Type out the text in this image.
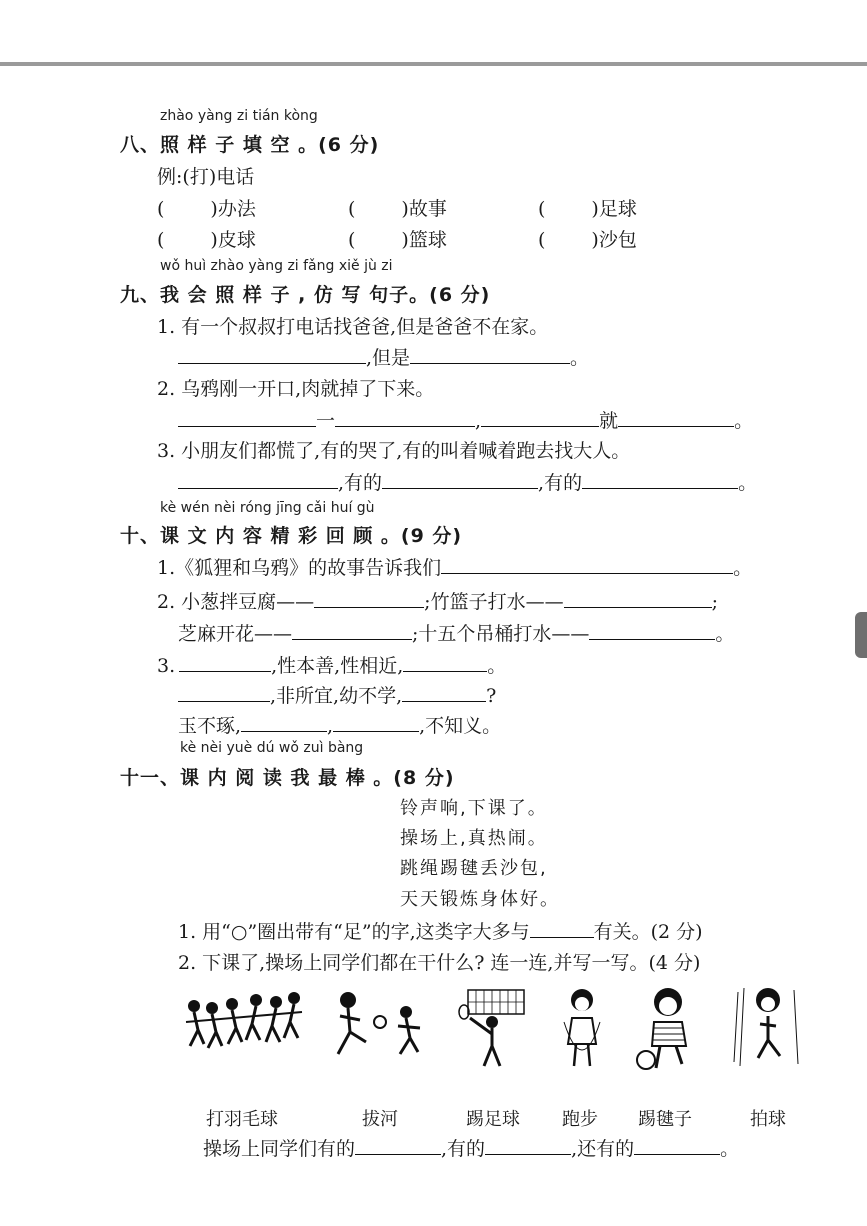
zhào yàng zi tián kòng
八、照 样 子 填 空 。(6 分)
例:(打)电话
( )办法	( )故事	( )足球
( )皮球	( )篮球	( )沙包
wǒ huì zhào yàng zi fǎng xiě jù zi
九、我 会 照 样 子 , 仿 写 句子。(6 分)
1. 有一个叔叔打电话找爸爸,但是爸爸不在家。
,但是	。
2. 乌鸦刚一开口,肉就掉了下来。
一	,	就	。
3. 小朋友们都慌了,有的哭了,有的叫着喊着跑去找大人。
,有的	,有的	。
kè wén nèi róng jīng cǎi huí gù
十、课 文 内 容 精 彩 回 顾 。(9 分)
1.《狐狸和乌鸦》的故事告诉我们	。
2. 小葱拌豆腐——	;竹篮子打水——	;
芝麻开花——	;十五个吊桶打水——	。
3.	,性本善,性相近,	。
,非所宜,幼不学,	?
玉不琢,	,	,不知义。
kè nèi yuè dú wǒ zuì bàng
十一、课 内 阅 读 我 最 棒 。(8 分)
铃声响,下课了。
操场上,真热闹。
跳绳踢毽丢沙包,
天天锻炼身体好。
1. 用“○”圈出带有“足”的字,这类字大多与	有关。(2 分)
2. 下课了,操场上同学们都在干什么? 连一连,并写一写。(4 分)
打羽毛球	拔河	踢足球 跑步 踢毽子	拍球
操场上同学们有的	,有的	,还有的	。
